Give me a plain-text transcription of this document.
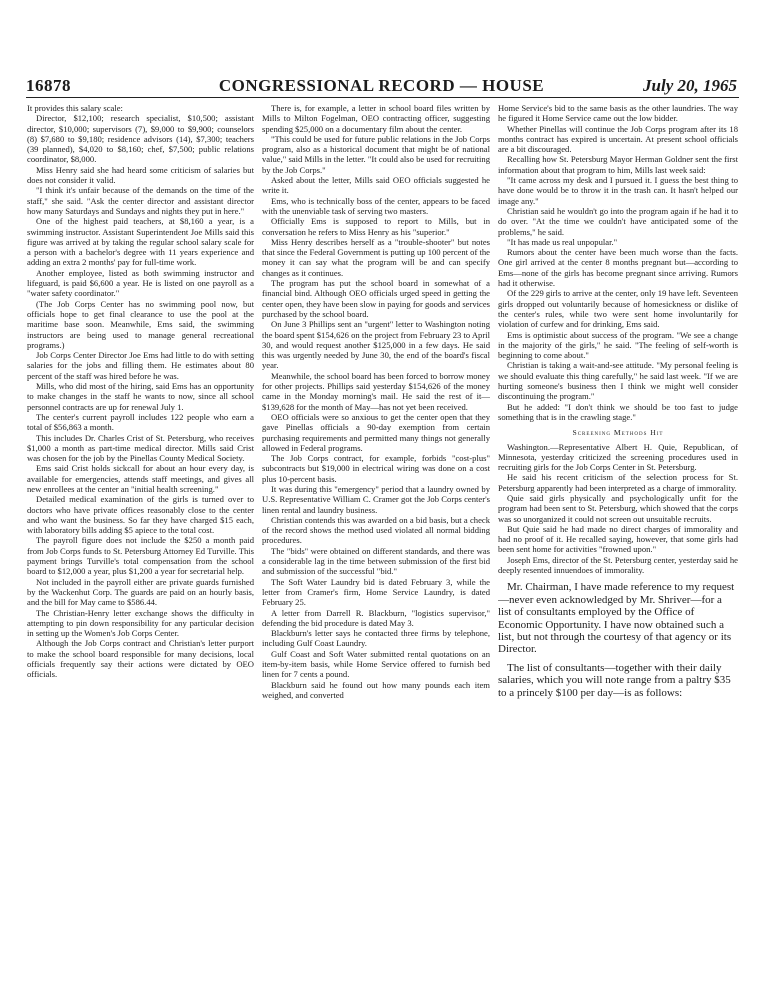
16878	CONGRESSIONAL RECORD — HOUSE	July 20, 1965

It provides this salary scale:

Director, $12,100; research specialist, $10,500; assistant director, $10,000; supervisors (7), $9,000 to $9,900; counselors (8) $7,680 to $9,180; residence advisors (14), $7,300; teachers (39 planned), $4,020 to $8,160; chef, $7,500; public relations coordinator, $8,000.

Miss Henry said she had heard some criticism of salaries but does not consider it valid.

"I think it's unfair because of the demands on the time of the staff," she said. "Ask the center director and assistant director how many Saturdays and Sundays and nights they put in here."

One of the highest paid teachers, at $8,160 a year, is a swimming instructor. Assistant Superintendent Joe Mills said this figure was arrived at by taking the regular school salary scale for a person with a bachelor's degree with 11 years experience and adding an extra 2 months' pay for full-time work.

Another employee, listed as both swimming instructor and lifeguard, is paid $6,600 a year. He is listed on one payroll as a "water safety coordinator."

(The Job Corps Center has no swimming pool now, but officials hope to get final clearance to use the pool at the maritime base soon. Meanwhile, Ems said, the swimming instructors are being used to manage general recreational programs.)

Job Corps Center Director Joe Ems had little to do with setting salaries for the jobs and filling them. He estimates about 80 percent of the staff was hired before he was.

Mills, who did most of the hiring, said Ems has an opportunity to make changes in the staff he wants to now, since all school personnel contracts are up for renewal July 1.

The center's current payroll includes 122 people who earn a total of $56,863 a month.

This includes Dr. Charles Crist of St. Petersburg, who receives $1,000 a month as part-time medical director. Mills said Crist was chosen for the job by the Pinellas County Medical Society.

Ems said Crist holds sickcall for about an hour every day, is available for emergencies, attends staff meetings, and gives all new enrollees at the center an "initial health screening."

Detailed medical examination of the girls is turned over to doctors who have private offices reasonably close to the center and who want the business. So far they have charged $15 each, with laboratory bills adding $5 apiece to the total cost.

The payroll figure does not include the $250 a month paid from Job Corps funds to St. Petersburg Attorney Ed Turville. This payment brings Turville's total compensation from the school board to $12,000 a year, plus $1,200 a year for secretarial help.

Not included in the payroll either are private guards furnished by the Wackenhut Corp. The guards are paid on an hourly basis, and the bill for May came to $586.44.

The Christian-Henry letter exchange shows the difficulty in attempting to pin down responsibility for any particular decision in setting up the Women's Job Corps Center.

Although the Job Corps contract and Christian's letter purport to make the school board responsible for many decisions, local officials frequently say their actions were dictated by OEO officials.

There is, for example, a letter in school board files written by Mills to Milton Fogelman, OEO contracting officer, suggesting spending $25,000 on a documentary film about the center.

"This could be used for future public relations in the Job Corps program, also as a historical document that might be of national value," said Mills in the letter. "It could also be used for recruiting by the Job Corps."

Asked about the letter, Mills said OEO officials suggested he write it.

Ems, who is technically boss of the center, appears to be faced with the unenviable task of serving two masters.

Officially Ems is supposed to report to Mills, but in conversation he refers to Miss Henry as his "superior."

Miss Henry describes herself as a "trouble-shooter" but notes that since the Federal Government is putting up 100 percent of the money it can say what the program will be and can specify changes as it continues.

The program has put the school board in somewhat of a financial bind. Although OEO officials urged speed in getting the center open, they have been slow in paying for goods and services purchased by the school board.

On June 3 Phillips sent an "urgent" letter to Washington noting the board spent $154,626 on the project from February 23 to April 30, and would request another $125,000 in a few days. He said this was urgently needed by June 30, the end of the board's fiscal year.

Meanwhile, the school board has been forced to borrow money for other projects. Phillips said yesterday $154,626 of the money came in the Monday morning's mail. He said the rest of it—$139,628 for the month of May—has not yet been received.

OEO officials were so anxious to get the center open that they gave Pinellas officials a 90-day exemption from certain purchasing requirements and permitted many things not generally allowed in Federal programs.

The Job Corps contract, for example, forbids "cost-plus" subcontracts but $19,000 in electrical wiring was done on a cost plus 10-percent basis.

It was during this "emergency" period that a laundry owned by U.S. Representative William C. Cramer got the Job Corps center's linen rental and laundry business.

Christian contends this was awarded on a bid basis, but a check of the record shows the method used violated all normal bidding procedures.

The "bids" were obtained on different standards, and there was a considerable lag in the time between submission of the first bid and submission of the successful "bid."

The Soft Water Laundry bid is dated February 3, while the letter from Cramer's firm, Home Service Laundry, is dated February 25.

A letter from Darrell R. Blackburn, "logistics supervisor," defending the bid procedure is dated May 3.

Blackburn's letter says he contacted three firms by telephone, including Gulf Coast Laundry.

Gulf Coast and Soft Water submitted rental quotations on an item-by-item basis, while Home Service offered to furnish bed linen for 7 cents a pound.

Blackburn said he found out how many pounds each item weighed, and converted

Home Service's bid to the same basis as the other laundries. The way he figured it Home Service came out the low bidder.

Whether Pinellas will continue the Job Corps program after its 18 months contract has expired is uncertain. At present school officials are a bit discouraged.

Recalling how St. Petersburg Mayor Herman Goldner sent the first information about that program to him, Mills last week said:

"It came across my desk and I pursued it. I guess the best thing to have done would be to throw it in the trash can. It hasn't helped our image any."

Christian said he wouldn't go into the program again if he had it to do over. "At the time we couldn't have anticipated some of the problems," he said.

"It has made us real unpopular."

Rumors about the center have been much worse than the facts. One girl arrived at the center 8 months pregnant but—according to Ems—none of the girls has become pregnant since arriving. Rumors had it otherwise.

Of the 229 girls to arrive at the center, only 19 have left. Seventeen girls dropped out voluntarily because of homesickness or dislike of the center's rules, while two were sent home involuntarily for violation of curfew and for drinking, Ems said.

Ems is optimistic about success of the program. "We see a change in the majority of the girls," he said. "The feeling of self-worth is beginning to come about."

Christian is taking a wait-and-see attitude. "My personal feeling is we should evaluate this thing carefully," he said last week. "If we are hurting someone's business then I think we might well consider discontinuing the program."

But he added: "I don't think we should be too fast to judge something that is in the crawling stage."

Screening Methods Hit

Washington.—Representative Albert H. Quie, Republican, of Minnesota, yesterday criticized the screening procedures used in recruiting girls for the Job Corps Center in St. Petersburg.

He said his recent criticism of the selection process for St. Petersburg apparently had been interpreted as a charge of immorality.

Quie said girls physically and psychologically unfit for the program had been sent to St. Petersburg, which showed that the corps was so unorganized it could not screen out unsuitable recruits.

But Quie said he had made no direct charges of immorality and had no proof of it. He recalled saying, however, that some girls had been sent home for activities "frowned upon."

Joseph Ems, director of the St. Petersburg center, yesterday said he deeply resented innuendoes of immorality.

Mr. Chairman, I have made reference to my request—never even acknowledged by Mr. Shriver—for a list of consultants employed by the Office of Economic Opportunity. I have now obtained such a list, but not through the courtesy of that agency or its Director.

The list of consultants—together with their daily salaries, which you will note range from a paltry $35 to a princely $100 per day—is as follows:
